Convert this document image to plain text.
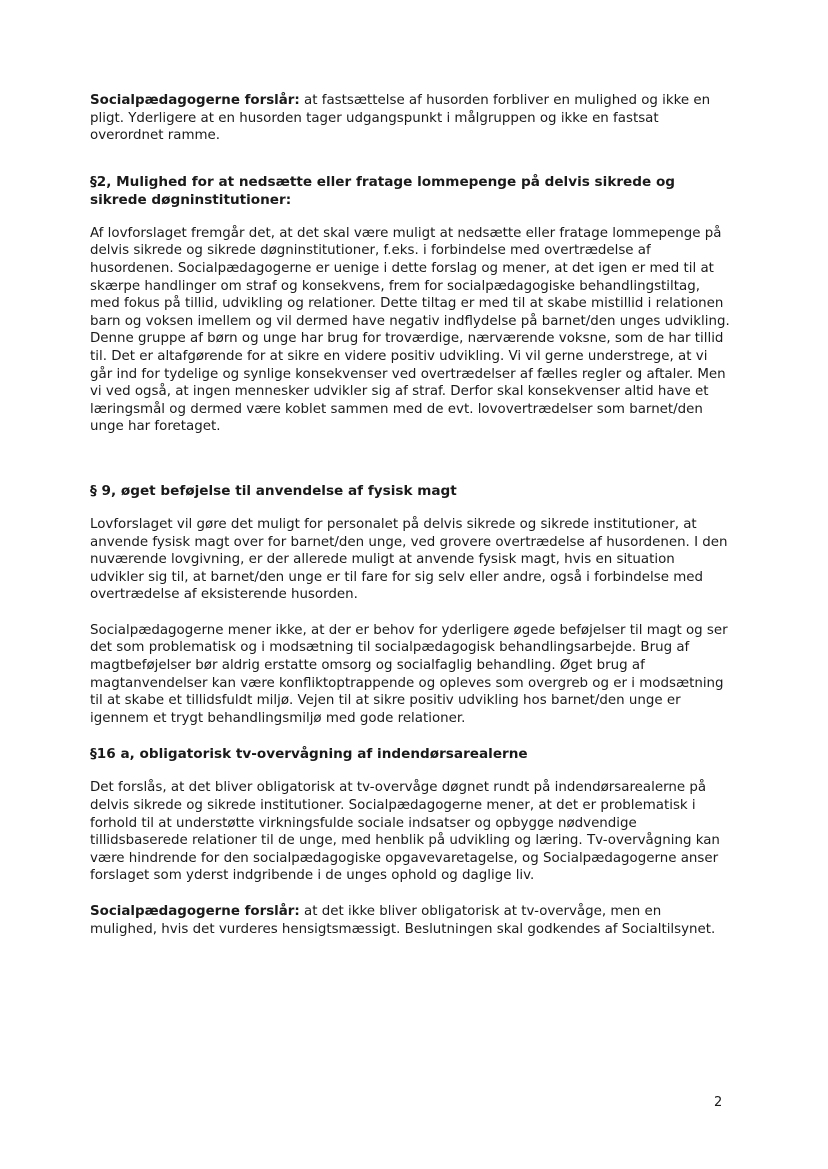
Socialpædagogerne forslår: at fastsættelse af husorden forbliver en mulighed og ikke en pligt. Yderligere at en husorden tager udgangspunkt i målgruppen og ikke en fastsat overordnet ramme.

§2, Mulighed for at nedsætte eller fratage lommepenge på delvis sikrede og sikrede døgninstitutioner:

Af lovforslaget fremgår det, at det skal være muligt at nedsætte eller fratage lommepenge på delvis sikrede og sikrede døgninstitutioner, f.eks. i forbindelse med overtrædelse af husordenen. Socialpædagogerne er uenige i dette forslag og mener, at det igen er med til at skærpe handlinger om straf og konsekvens, frem for socialpædagogiske behandlingstiltag, med fokus på tillid, udvikling og relationer. Dette tiltag er med til at skabe mistillid i relationen barn og voksen imellem og vil dermed have negativ indflydelse på barnet/den unges udvikling. Denne gruppe af børn og unge har brug for troværdige, nærværende voksne, som de har tillid til. Det er altafgørende for at sikre en videre positiv udvikling. Vi vil gerne understrege, at vi går ind for tydelige og synlige konsekvenser ved overtrædelser af fælles regler og aftaler. Men vi ved også, at ingen mennesker udvikler sig af straf. Derfor skal konsekvenser altid have et læringsmål og dermed være koblet sammen med de evt. lovovertrædelser som barnet/den unge har foretaget.

§ 9, øget beføjelse til anvendelse af fysisk magt

Lovforslaget vil gøre det muligt for personalet på delvis sikrede og sikrede institutioner, at anvende fysisk magt over for barnet/den unge, ved grovere overtrædelse af husordenen. I den nuværende lovgivning, er der allerede muligt at anvende fysisk magt, hvis en situation udvikler sig til, at barnet/den unge er til fare for sig selv eller andre, også i forbindelse med overtrædelse af eksisterende husorden.

Socialpædagogerne mener ikke, at der er behov for yderligere øgede beføjelser til magt og ser det som problematisk og i modsætning til socialpædagogisk behandlingsarbejde. Brug af magtbeføjelser bør aldrig erstatte omsorg og socialfaglig behandling. Øget brug af magtanvendelser kan være konfliktoptrappende og opleves som overgreb og er i modsætning til at skabe et tillidsfuldt miljø. Vejen til at sikre positiv udvikling hos barnet/den unge er igennem et trygt behandlingsmiljø med gode relationer.

§16 a, obligatorisk tv-overvågning af indendørsarealerne

Det forslås, at det bliver obligatorisk at tv-overvåge døgnet rundt på indendørsarealerne på delvis sikrede og sikrede institutioner. Socialpædagogerne mener, at det er problematisk i forhold til at understøtte virkningsfulde sociale indsatser og opbygge nødvendige tillidsbaserede relationer til de unge, med henblik på udvikling og læring. Tv-overvågning kan være hindrende for den socialpædagogiske opgavevaretagelse, og Socialpædagogerne anser forslaget som yderst indgribende i de unges ophold og daglige liv.

Socialpædagogerne forslår: at det ikke bliver obligatorisk at tv-overvåge, men en mulighed, hvis det vurderes hensigtsmæssigt. Beslutningen skal godkendes af Socialtilsynet.

2
